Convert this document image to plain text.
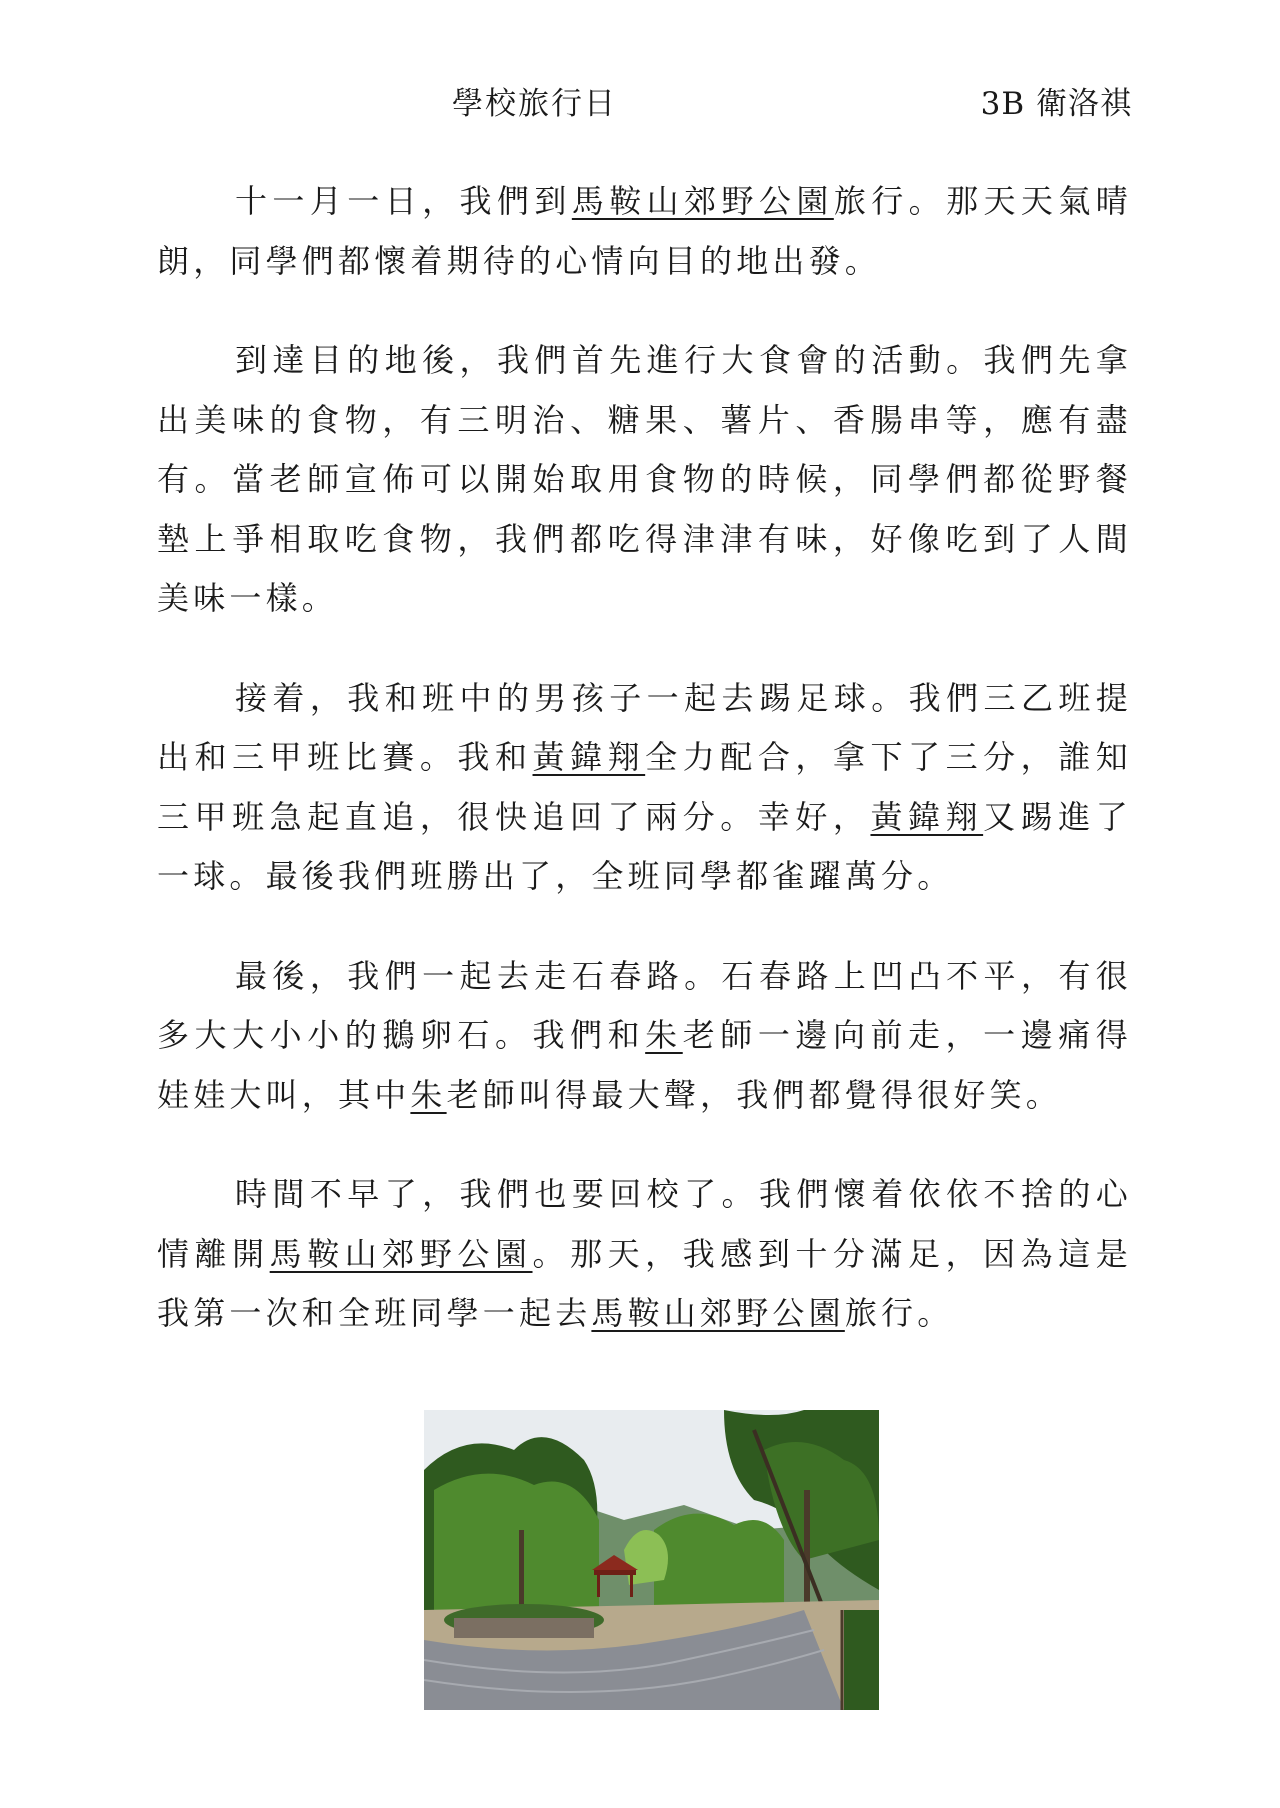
學校旅行日	3B 衛洛祺

十一月一日，我們到馬鞍山郊野公園旅行。那天天氣晴朗，同學們都懷着期待的心情向目的地出發。

到達目的地後，我們首先進行大食會的活動。我們先拿出美味的食物，有三明治、糖果、薯片、香腸串等，應有盡有。當老師宣佈可以開始取用食物的時候，同學們都從野餐墊上爭相取吃食物，我們都吃得津津有味，好像吃到了人間美味一樣。

接着，我和班中的男孩子一起去踢足球。我們三乙班提出和三甲班比賽。我和黃鍏翔全力配合，拿下了三分，誰知三甲班急起直追，很快追回了兩分。幸好，黃鍏翔又踢進了一球。最後我們班勝出了，全班同學都雀躍萬分。

最後，我們一起去走石春路。石春路上凹凸不平，有很多大大小小的鵝卵石。我們和朱老師一邊向前走，一邊痛得娃娃大叫，其中朱老師叫得最大聲，我們都覺得很好笑。

時間不早了，我們也要回校了。我們懷着依依不捨的心情離開馬鞍山郊野公園。那天，我感到十分滿足，因為這是我第一次和全班同學一起去馬鞍山郊野公園旅行。
